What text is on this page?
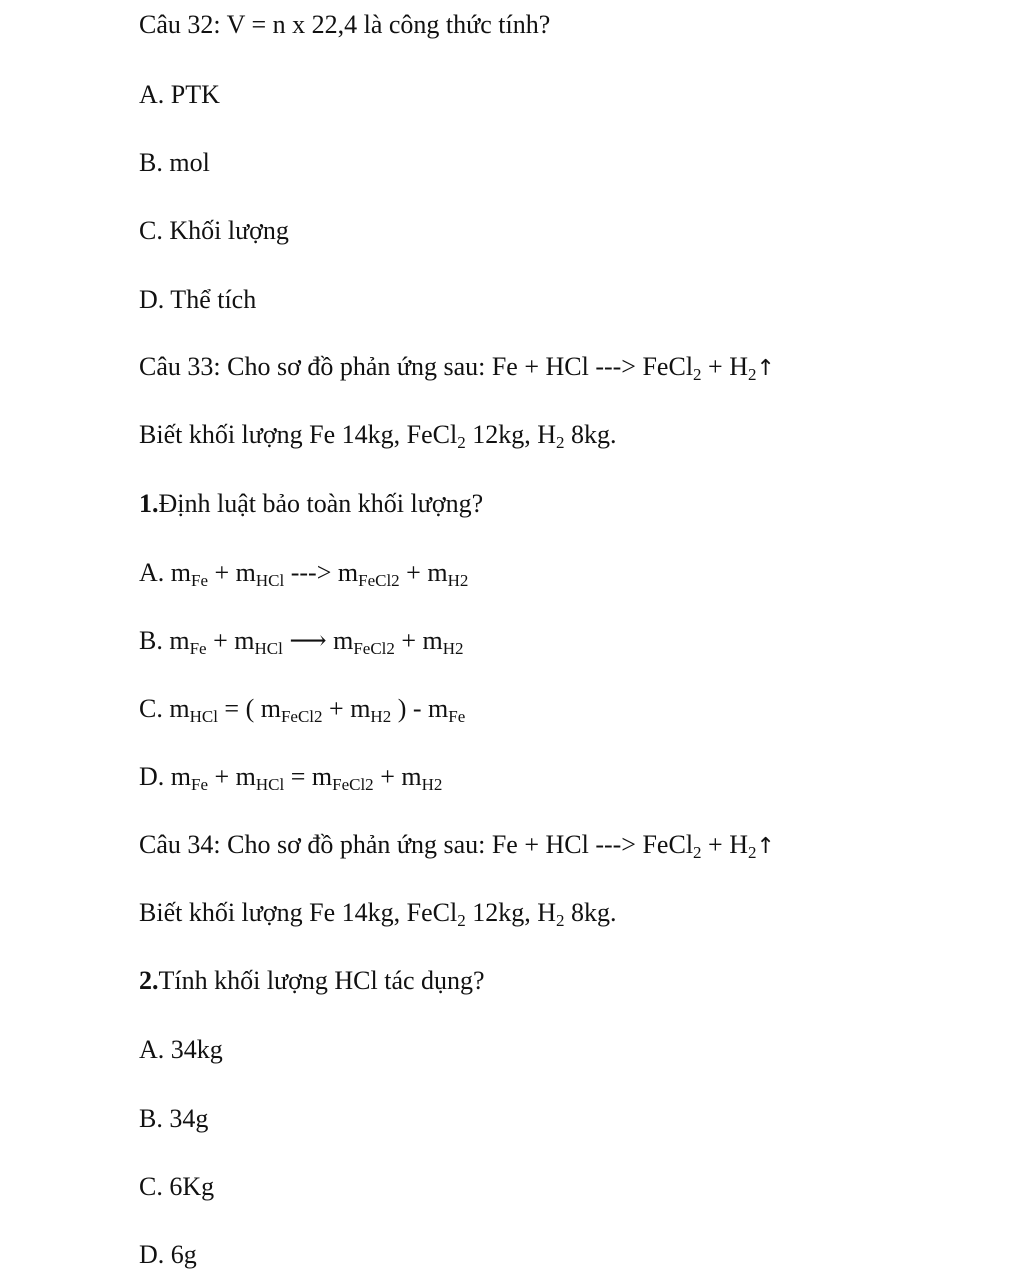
Câu 32: V = n x 22,4 là công thức tính?
A. PTK
B. mol
C. Khối lượng
D. Thể tích
Câu 33: Cho sơ đồ phản ứng sau: Fe + HCl ---> FeCl$_2$ + $H_2↑$
Biết khối lượng Fe 14kg, FeCl$_2$ 12kg, $H_2$ 8kg.
1.Định luật bảo toàn khối lượng?
A. $m_{Fe} + m_{HCl}$ ---> $m_{FeCl2} + m_{H2}$
B. $m_{Fe} + m_{HCl}$ ⟶ $m_{FeCl2} + m_{H2}$
C. $m_{HCl}$ = ( $m_{FeCl2} + m_{H2}$ ) - $m_{Fe}$
D. $m_{Fe} + m_{HCl} = m_{FeCl2} + m_{H2}$
Câu 34: Cho sơ đồ phản ứng sau: Fe + HCl ---> FeCl$_2$ + $H_2↑$
Biết khối lượng Fe 14kg, FeCl$_2$ 12kg, $H_2$ 8kg.
2.Tính khối lượng HCl tác dụng?
A. 34kg
B. 34g
C. 6Kg
D. 6g
